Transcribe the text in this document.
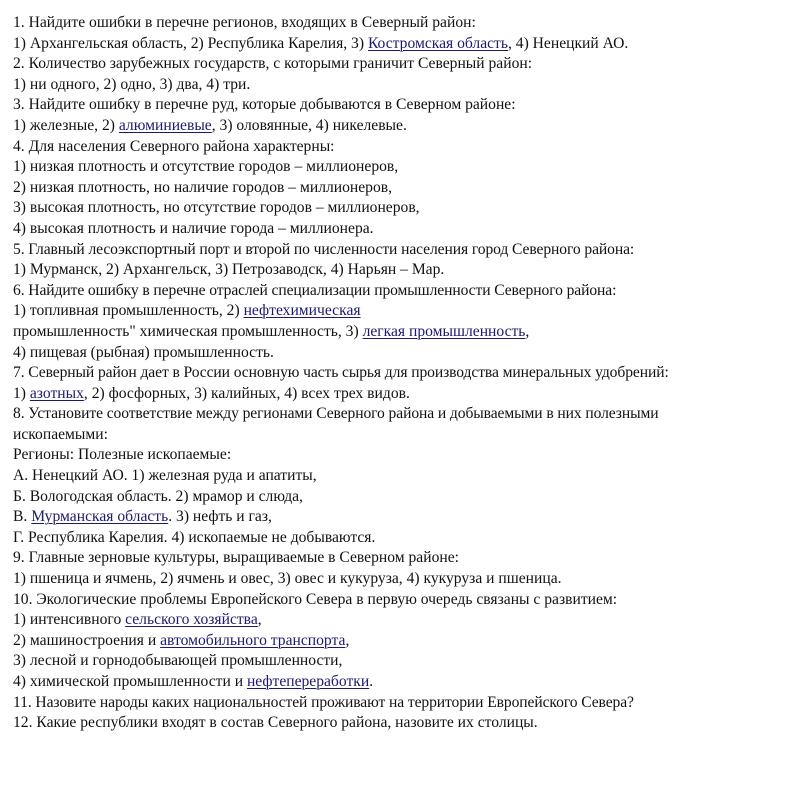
1. Найдите ошибки в перечне регионов, входящих в Северный район:
1) Архангельская область, 2) Республика Карелия, 3) Костромская область, 4) Ненецкий АО.
2. Количество зарубежных государств, с которыми граничит Северный район:
1) ни одного, 2) одно, 3) два, 4) три.
3. Найдите ошибку в перечне руд, которые добываются в Северном районе:
1) железные, 2) алюминиевые, 3) оловянные, 4) никелевые.
4. Для населения Северного района характерны:
1) низкая плотность и отсутствие городов – миллионеров,
2) низкая плотность, но наличие городов – миллионеров,
3) высокая плотность, но отсутствие городов – миллионеров,
4) высокая плотность и наличие города – миллионера.
5. Главный лесоэкспортный порт и второй по численности населения город Северного района:
1) Мурманск, 2) Архангельск, 3) Петрозаводск, 4) Нарьян – Мар.
6. Найдите ошибку в перечне отраслей специализации промышленности Северного района:
1) топливная промышленность, 2) нефтехимическая
промышленность" химическая промышленность, 3) легкая промышленность,
4) пищевая (рыбная) промышленность.
7. Северный район дает в России основную часть сырья для производства минеральных удобрений:
1) азотных, 2) фосфорных, 3) калийных, 4) всех трех видов.
8. Установите соответствие между регионами Северного района и добываемыми в них полезными
ископаемыми:
Регионы: Полезные ископаемые:
А. Ненецкий АО. 1) железная руда и апатиты,
Б. Вологодская область. 2) мрамор и слюда,
В. Мурманская область. 3) нефть и газ,
Г. Республика Карелия. 4) ископаемые не добываются.
9. Главные зерновые культуры, выращиваемые в Северном районе:
1) пшеница и ячмень, 2) ячмень и овес, 3) овес и кукуруза, 4) кукуруза и пшеница.
10. Экологические проблемы Европейского Севера в первую очередь связаны с развитием:
1) интенсивного сельского хозяйства,
2) машиностроения и автомобильного транспорта,
3) лесной и горнодобывающей промышленности,
4) химической промышленности и нефтепереработки.
11. Назовите народы каких национальностей проживают на территории Европейского Севера?
12. Какие республики входят в состав Северного района, назовите их столицы.
